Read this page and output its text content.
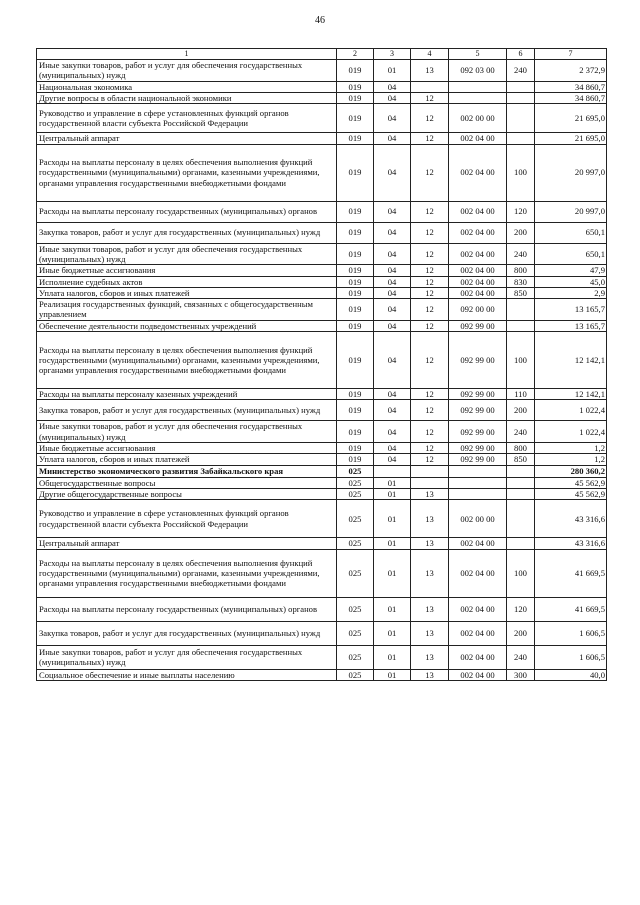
46
1	2	3	4	5	6	7
Иные закупки товаров, работ и услуг для обеспечения государственных (муниципальных) нужд	019	01	13	092 03 00	240	2 372,9
Национальная экономика	019	04				34 860,7
Другие вопросы в области национальной экономики	019	04	12			34 860,7
Руководство и управление в сфере установленных функций органов государственной власти субъекта Российской Федерации	019	04	12	002 00 00		21 695,0
Центральный аппарат	019	04	12	002 04 00		21 695,0
Расходы на выплаты персоналу в целях обеспечения выполнения функций государственными (муниципальными) органами, казенными учреждениями, органами управления государственными внебюджетными фондами	019	04	12	002 04 00	100	20 997,0
Расходы на выплаты персоналу государственных (муниципальных) органов	019	04	12	002 04 00	120	20 997,0
Закупка товаров, работ и услуг для государственных (муниципальных) нужд	019	04	12	002 04 00	200	650,1
Иные закупки товаров, работ и услуг для обеспечения государственных (муниципальных) нужд	019	04	12	002 04 00	240	650,1
Иные бюджетные ассигнования	019	04	12	002 04 00	800	47,9
Исполнение судебных актов	019	04	12	002 04 00	830	45,0
Уплата налогов, сборов и иных платежей	019	04	12	002 04 00	850	2,9
Реализация государственных функций, связанных с общегосударственным управлением	019	04	12	092 00 00		13 165,7
Обеспечение деятельности подведомственных учреждений	019	04	12	092 99 00		13 165,7
Расходы на выплаты персоналу в целях обеспечения выполнения функций государственными (муниципальными) органами, казенными учреждениями, органами управления государственными внебюджетными фондами	019	04	12	092 99 00	100	12 142,1
Расходы на выплаты персоналу казенных учреждений	019	04	12	092 99 00	110	12 142,1
Закупка товаров, работ и услуг для государственных (муниципальных) нужд	019	04	12	092 99 00	200	1 022,4
Иные закупки товаров, работ и услуг для обеспечения государственных (муниципальных) нужд	019	04	12	092 99 00	240	1 022,4
Иные бюджетные ассигнования	019	04	12	092 99 00	800	1,2
Уплата налогов, сборов и иных платежей	019	04	12	092 99 00	850	1,2
Министерство экономического развития Забайкальского края	025					280 360,2
Общегосударственные вопросы	025	01				45 562,9
Другие общегосударственные вопросы	025	01	13			45 562,9
Руководство и управление в сфере установленных функций органов государственной власти субъекта Российской Федерации	025	01	13	002 00 00		43 316,6
Центральный аппарат	025	01	13	002 04 00		43 316,6
Расходы на выплаты персоналу в целях обеспечения выполнения функций государственными (муниципальными) органами, казенными учреждениями, органами управления государственными внебюджетными фондами	025	01	13	002 04 00	100	41 669,5
Расходы на выплаты персоналу государственных (муниципальных) органов	025	01	13	002 04 00	120	41 669,5
Закупка товаров, работ и услуг для государственных (муниципальных) нужд	025	01	13	002 04 00	200	1 606,5
Иные закупки товаров, работ и услуг для обеспечения государственных (муниципальных) нужд	025	01	13	002 04 00	240	1 606,5
Социальное обеспечение и иные выплаты населению	025	01	13	002 04 00	300	40,0
